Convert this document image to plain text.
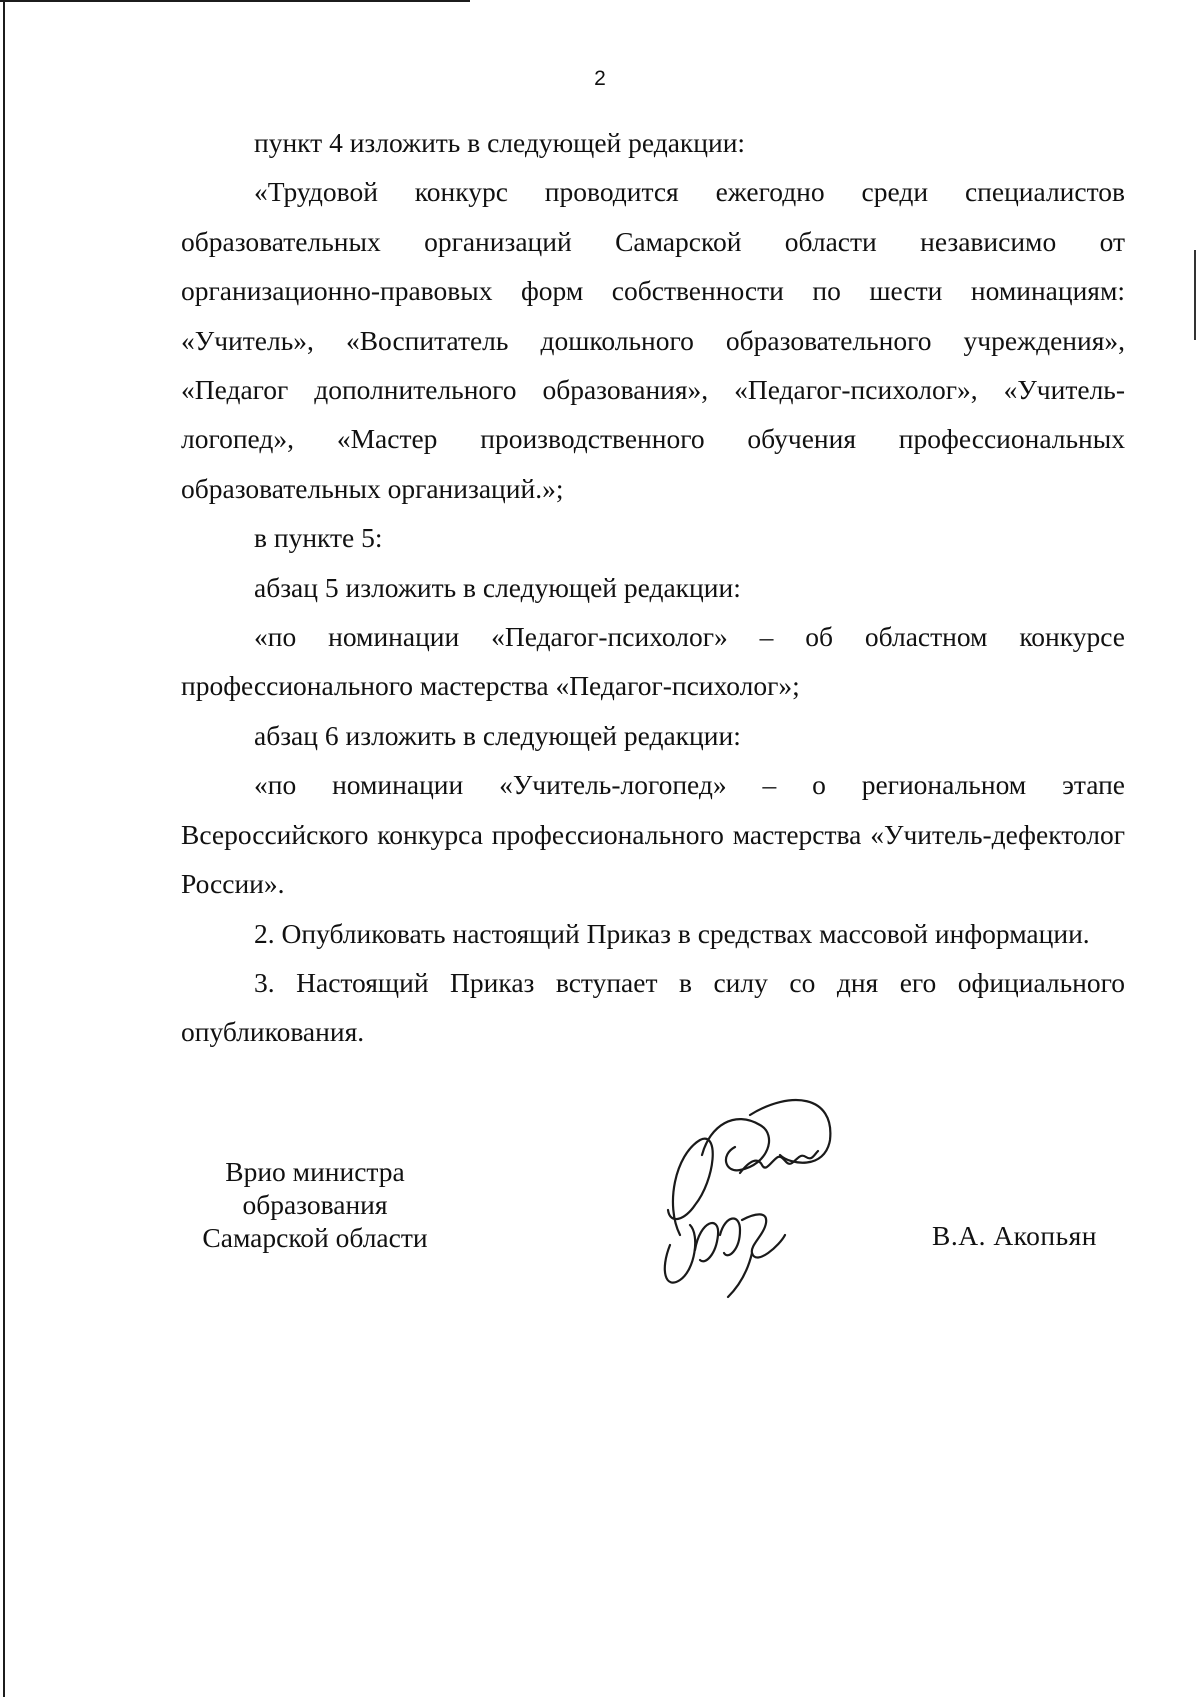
2

пункт 4 изложить в следующей редакции:

«Трудовой конкурс проводится ежегодно среди специалистов образовательных организаций Самарской области независимо от организационно-правовых форм собственности по шести номинациям: «Учитель», «Воспитатель дошкольного образовательного учреждения», «Педагог дополнительного образования», «Педагог-психолог», «Учитель-логопед», «Мастер производственного обучения профессиональных образовательных организаций.»;

в пункте 5:

абзац 5 изложить в следующей редакции:

«по номинации «Педагог-психолог» – об областном конкурсе профессионального мастерства «Педагог-психолог»;

абзац 6 изложить в следующей редакции:

«по номинации «Учитель-логопед» – о региональном этапе Всероссийского конкурса профессионального мастерства «Учитель-дефектолог России».

2. Опубликовать настоящий Приказ в средствах массовой информации.

3. Настоящий Приказ вступает в силу со дня его официального опубликования.

Врио министра
образования
Самарской области	В.А. Акопьян
